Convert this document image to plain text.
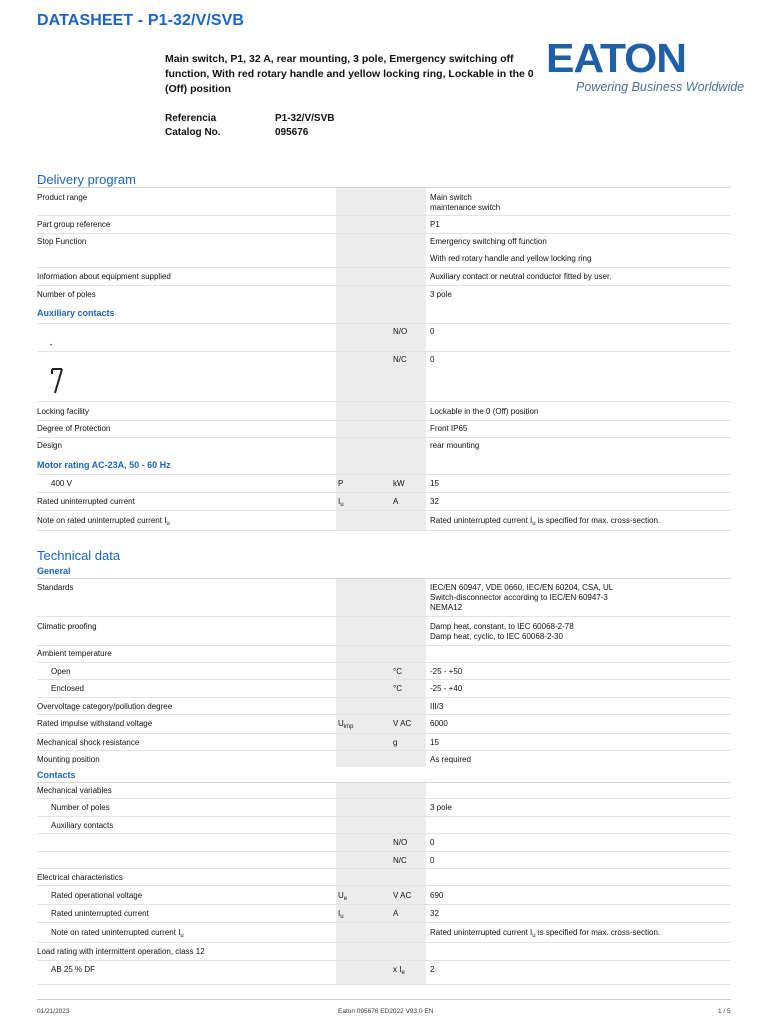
DATASHEET - P1-32/V/SVB
Main switch, P1, 32 A, rear mounting, 3 pole, Emergency switching off function, With red rotary handle and yellow locking ring, Lockable in the 0 (Off) position
EATON
Powering Business Worldwide
Referencia	P1-32/V/SVB
Catalog No.	095676
Delivery program
Product range	Main switch
maintenance switch
Part group reference	P1
Stop Function	Emergency switching off function
With red rotary handle and yellow locking ring
Information about equipment supplied	Auxiliary contact or neutral conductor fitted by user.
Number of poles	3 pole
Auxiliary contacts
N/O	0
•
N/C	0
Locking facility	Lockable in the 0 (Off) position
Degree of Protection	Front IP65
Design	rear mounting
Motor rating AC-23A, 50 - 60 Hz
400 V	P	kW	15
Rated uninterrupted current	$I_u$	A	32
Note on rated uninterrupted current $I_u$	Rated uninterrupted current $I_u$ is specified for max. cross-section.
Technical data
General
Standards	IEC/EN 60947, VDE 0660, IEC/EN 60204, CSA, UL
Switch-disconnector according to IEC/EN 60947-3
NEMA12
Climatic proofing	Damp heat, constant, to IEC 60068-2-78
Damp heat, cyclic, to IEC 60068-2-30
Ambient temperature
Open	°C	-25 - +50
Enclosed	°C	-25 - +40
Overvoltage category/pollution degree	III/3
Rated impulse withstand voltage	$U_{imp}$	V AC 6000
Mechanical shock resistance	g	15
Mounting position	As required
Contacts
Mechanical variables
Number of poles	3 pole
Auxiliary contacts
N/O	0
N/C	0
Electrical characteristics
Rated operational voltage	$U_e$	V AC 690
Rated uninterrupted current	$I_u$	A	32
Note on rated uninterrupted current $I_u$	Rated uninterrupted current $I_u$ is specified for max. cross-section.
Load rating with intermittent operation, class 12
AB 25 % DF	x $I_e$	2
01/21/2023	Eaton 095676 ED2022 V93.0 EN	1 / 5
